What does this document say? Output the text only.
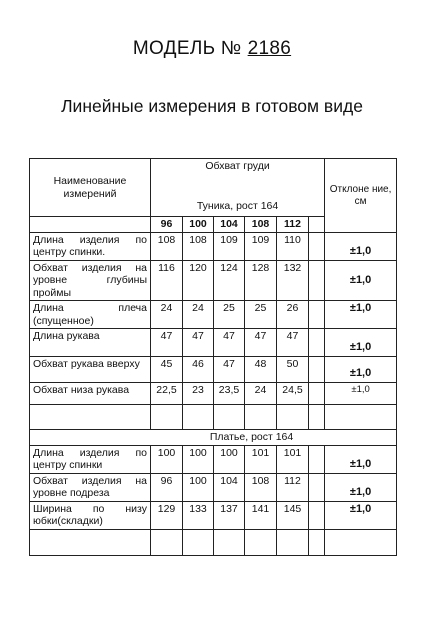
МОДЕЛЬ № 2186
Линейные измерения в готовом виде
Наименование измерений	Обхват груди						Отклоне ние, см
	Туника, рост 164						
	96	100	104	108	112		
Длина изделия по центру спинки.	108	108	109	109	110		±1,0
Обхват изделия на уровне глубины проймы	116	120	124	128	132		±1,0
Длина плеча (спущенное)	24	24	25	25	26		±1,0
Длина рукава	47	47	47	47	47		±1,0
Обхват рукава вверху	45	46	47	48	50		±1,0
Обхват низа рукава	22,5	23	23,5	24	24,5		±1,0

Платье, рост 164							
Длина изделия по центру спинки	100	100	100	101	101		±1,0
Обхват изделия на уровне подреза	96	100	104	108	112		±1,0
Ширина по низу юбки(складки)	129	133	137	141	145		±1,0
